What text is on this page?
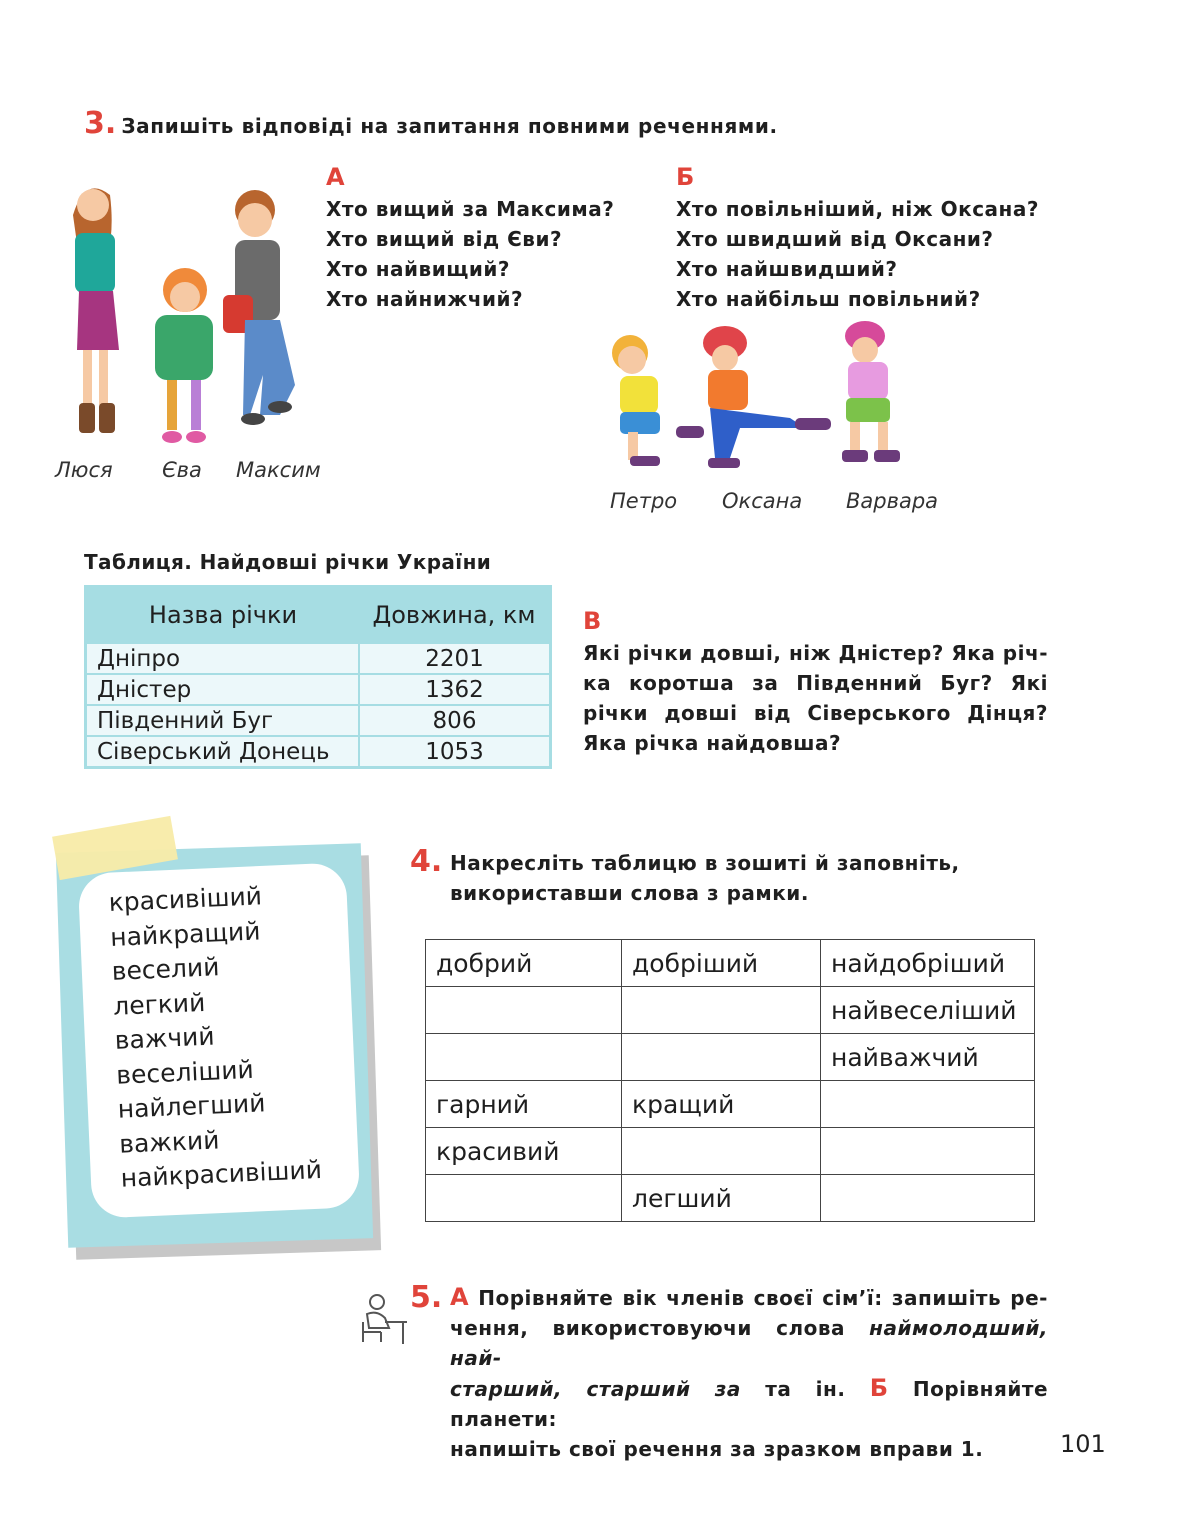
3. Запишіть відповіді на запитання повними реченнями.
А
Хто вищий за Максима?
Хто вищий від Єви?
Хто найвищий?
Хто найнижчий?
Б
Хто повільніший, ніж Оксана?
Хто швидший від Оксани?
Хто найшвидший?
Хто найбільш повільний?
Люся Єва Максим
Петро Оксана Варвара
Таблиця. Найдовші річки України
Назва річки	Довжина, км
Дніпро	2201
Дністер	1362
Південний Буг	806
Сіверський Донець	1053
В
Які річки довші, ніж Дністер? Яка річ-
ка коротша за Південний Буг? Які
річки довші від Сіверського Дінця?
Яка річка найдовша?
красивіший
найкращий
веселий
легкий
важчий
веселіший
найлегший
важкий
найкрасивіший
4. Накресліть таблицю в зошиті й заповніть,
використавши слова з рамки.
добрий	добріший	найдобріший
		найвеселіший
		найважчий
гарний	кращий	
красивий		
	легший	
5. А Порівняйте вік членів своєї сім’ї: запишіть ре-
чення, використовуючи слова наймолодший, най-
старший, старший за та ін. Б Порівняйте планети:
напишіть свої речення за зразком вправи 1.	101
